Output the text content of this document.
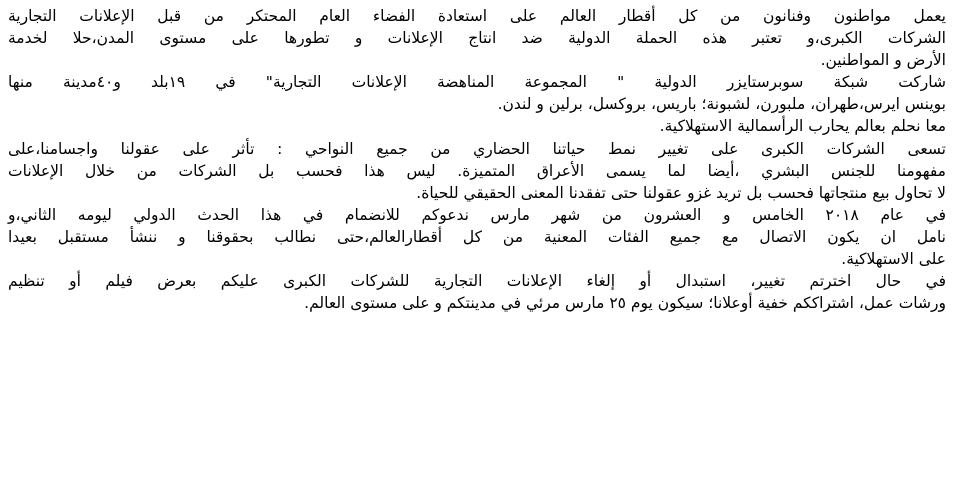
يعمل مواطنون وفنانون من كل أقطار العالم على استعادة الفضاء العام المحتكر من قبل الإعلانات التجارية
الشركات الكبرى،و تعتبر هذه الحملة الدولية ضد انتاج الإعلانات و تطورها على مستوى المدن،حلا لخدمة
الأرض و المواطنين.
شاركت شبكة سوبرستايزر الدولية " المجموعة المناهضة الإعلانات التجارية" في ١٩بلد و٤٠مدينة منها
بوينس ايرس،طهران، ملبورن، لشبونة؛ باريس، بروكسل، برلين و لندن.
معا نحلم بعالم يحارب الرأسمالية الاستهلاكية.
تسعى الشركات الكبرى على تغيير نمط حياتنا الحضاري من جميع النواحي : تأثر على عقولنا واجسامنا،على
مفهومنا للجنس البشري ،أيضا لما يسمى الأعراق المتميزة. ليس هذا فحسب بل الشركات من خلال الإعلانات
لا تحاول بيع منتجاتها فحسب بل تريد غزو عقولنا حتى تفقدنا المعنى الحقيقي للحياة.
في عام ٢٠١٨ الخامس و العشرون من شهر مارس ندعوكم للانضمام في هذا الحدث الدولي ليومه الثاني،و
نامل ان يكون الاتصال مع جميع الفئات المعنية من كل أقطارالعالم،حتى نطالب بحقوقنا و ننشأ مستقبل بعيدا
على الاستهلاكية.
في حال اخترتم تغيير، استبدال أو إلغاء الإعلانات التجارية للشركات الكبرى عليكم بعرض فيلم أو تنظيم
ورشات عمل، اشتراككم خفية أوعلانا؛ سيكون يوم ٢٥ مارس مرئي في مدينتكم و على مستوى العالم.
